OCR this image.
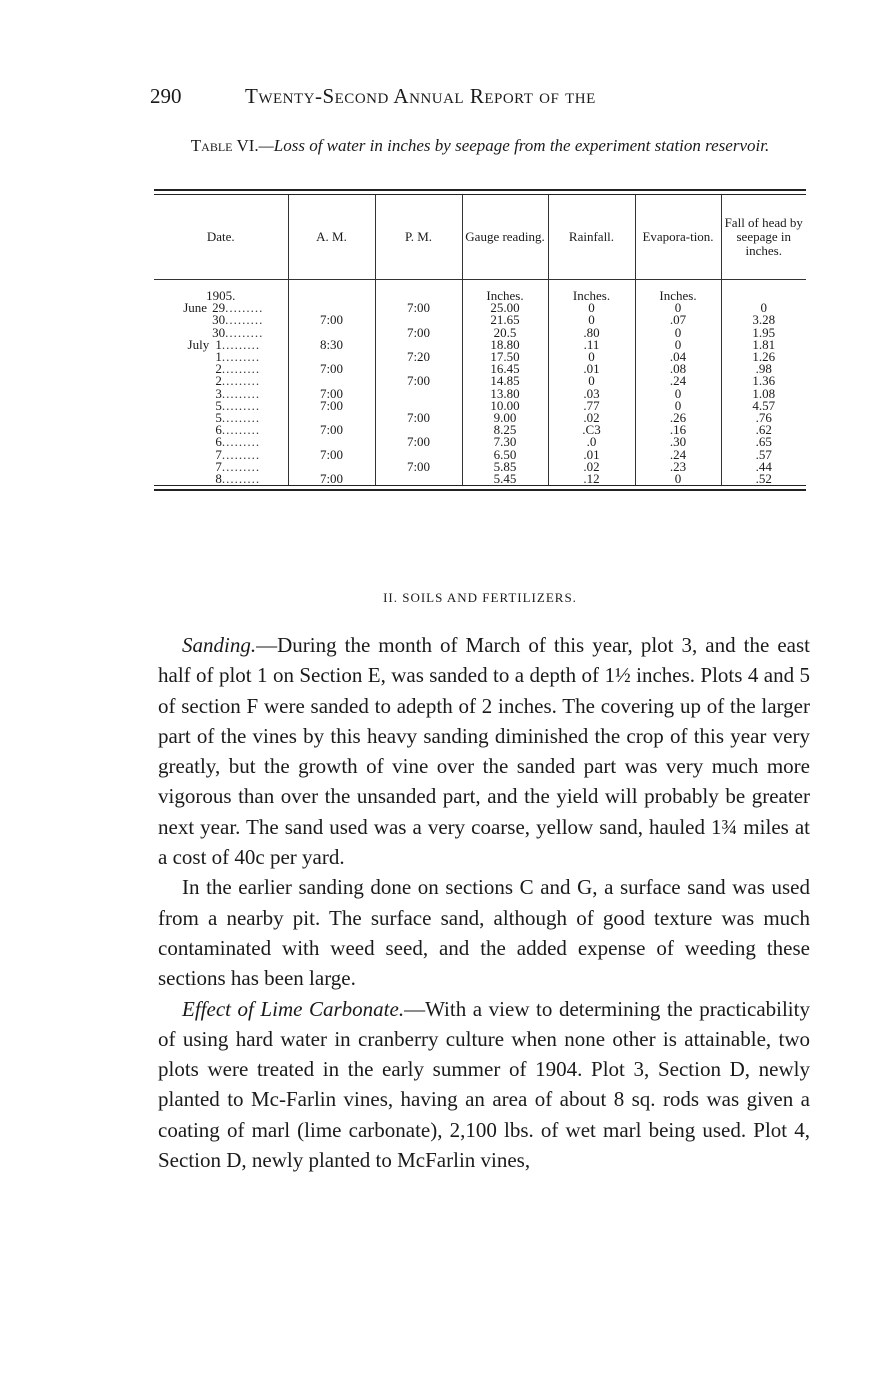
290	Twenty-Second Annual Report of the
Table VI.—Loss of water in inches by seepage from the experiment station reservoir.
Date.	A. M.	P. M.	Gauge reading.	Rainfall.	Evapora-tion.	Fall of head by seepage in inches.
1905.			Inches.	Inches.	Inches.	
June 29.........		7:00	25.00	0	0	0
30.........	7:00		21.65	0	.07	3.28
30.........		7:00	20.5	.80	0	1.95
July 1.........	8:30		18.80	.11	0	1.81
1.........		7:20	17.50	0	.04	1.26
2.........	7:00		16.45	.01	.08	.98
2.........		7:00	14.85	0	.24	1.36
3.........	7:00		13.80	.03	0	1.08
5.........	7:00		10.00	.77	0	4.57
5.........		7:00	9.00	.02	.26	.76
6.........	7:00		8.25	.C3	.16	.62
6.........		7:00	7.30	.0	.30	.65
7.........	7:00		6.50	.01	.24	.57
7.........		7:00	5.85	.02	.23	.44
8.........	7:00		5.45	.12	0	.52
II. SOILS AND FERTILIZERS.

Sanding.—During the month of March of this year, plot 3, and the east half of plot 1 on Section E, was sanded to a depth of 1½ inches. Plots 4 and 5 of section F were sanded to adepth of 2 inches. The covering up of the larger part of the vines by this heavy sanding diminished the crop of this year very greatly, but the growth of vine over the sanded part was very much more vigorous than over the unsanded part, and the yield will probably be greater next year. The sand used was a very coarse, yellow sand, hauled 1¾ miles at a cost of 40c per yard.

In the earlier sanding done on sections C and G, a surface sand was used from a nearby pit. The surface sand, although of good texture was much contaminated with weed seed, and the added expense of weeding these sections has been large.

Effect of Lime Carbonate.—With a view to determining the practicability of using hard water in cranberry culture when none other is attainable, two plots were treated in the early summer of 1904. Plot 3, Section D, newly planted to Mc-Farlin vines, having an area of about 8 sq. rods was given a coating of marl (lime carbonate), 2,100 lbs. of wet marl being used. Plot 4, Section D, newly planted to McFarlin vines,
